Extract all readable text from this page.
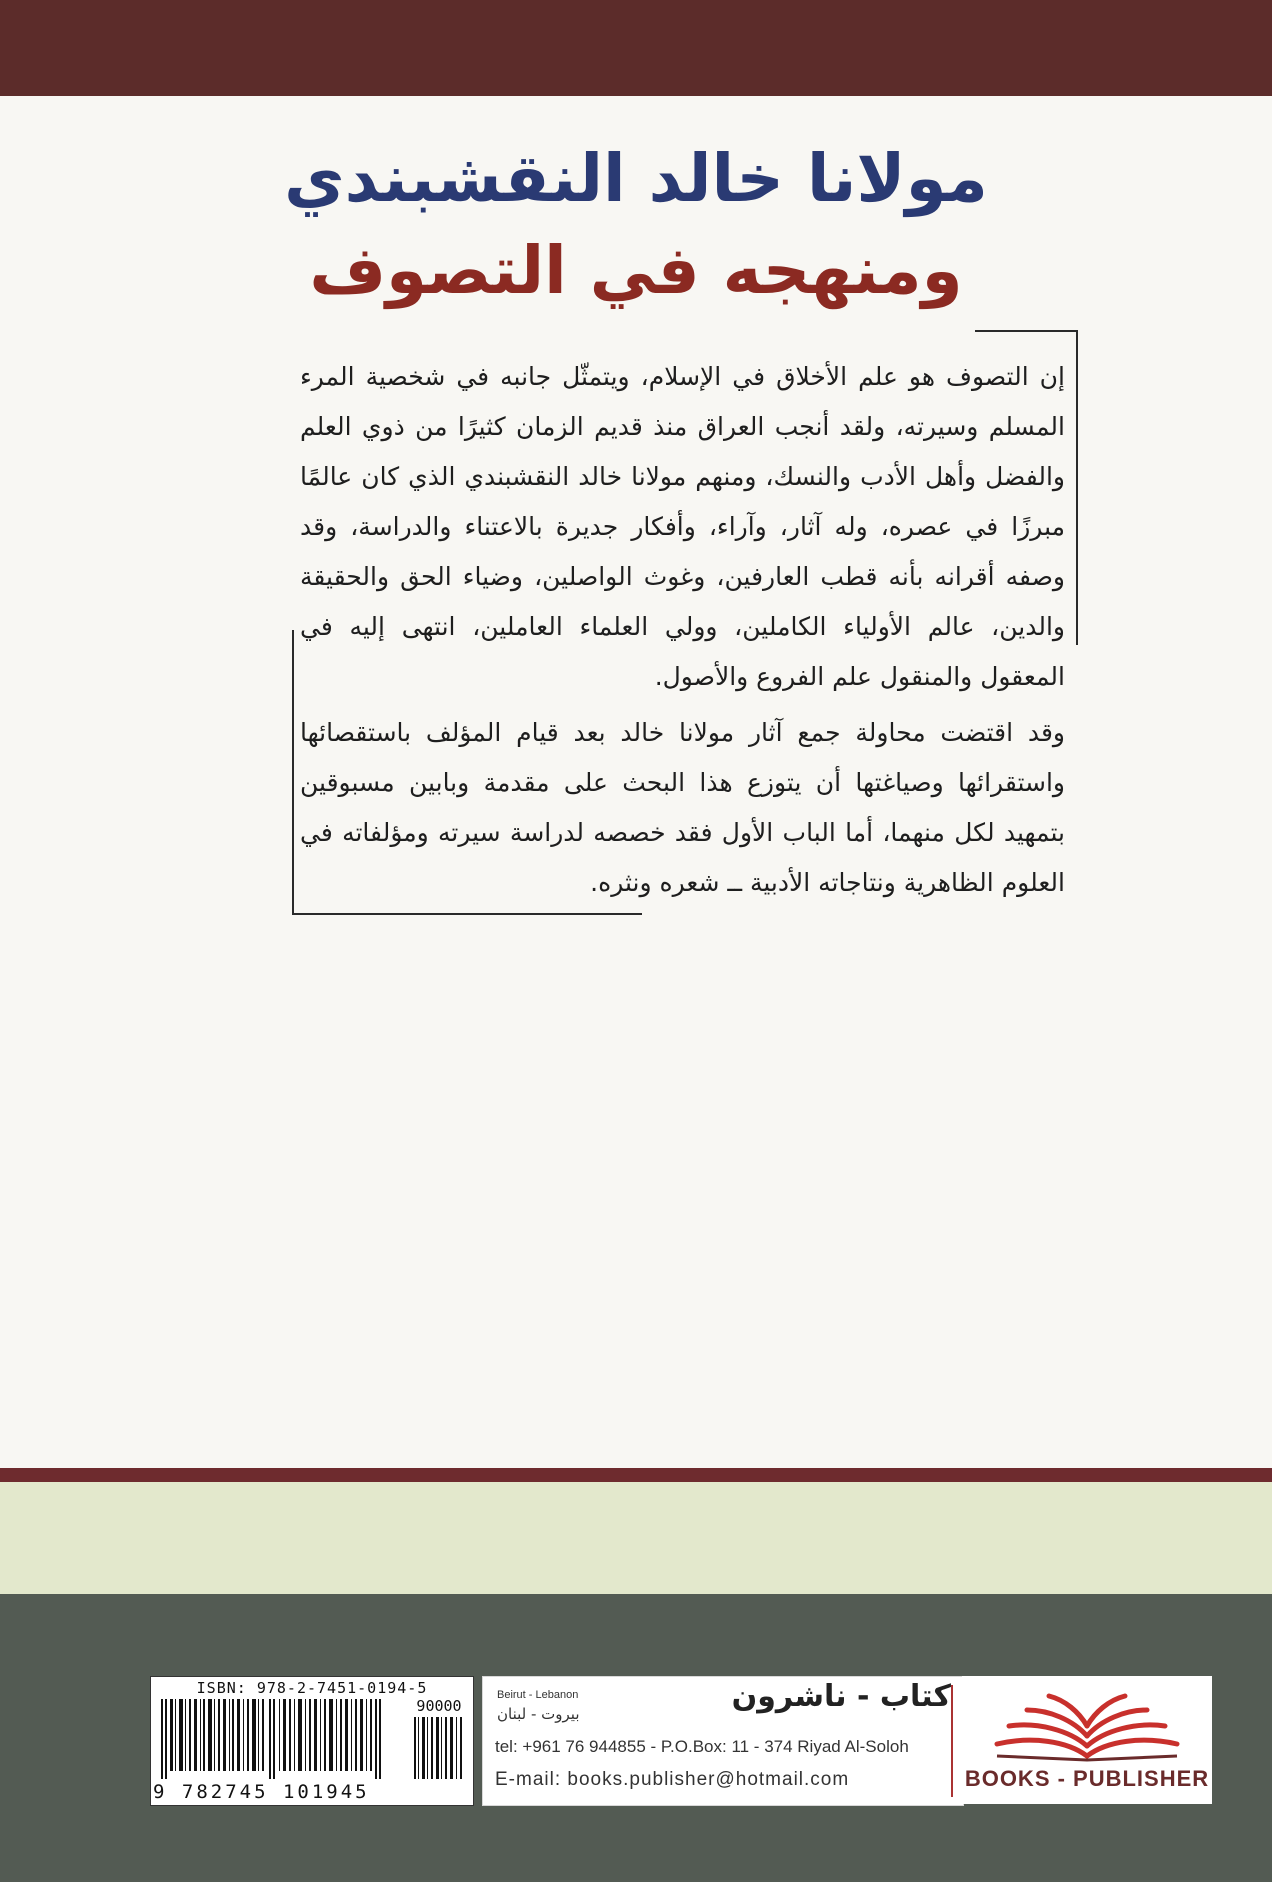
مولانا خالد النقشبندي
ومنهجه في التصوف

إن التصوف هو علم الأخلاق في الإسلام، ويتمثّل جانبه في شخصية المرء المسلم وسيرته، ولقد أنجب العراق منذ قديم الزمان كثيرًا من ذوي العلم والفضل وأهل الأدب والنسك، ومنهم مولانا خالد النقشبندي الذي كان عالمًا مبرزًا في عصره، وله آثار، وآراء، وأفكار جديرة بالاعتناء والدراسة، وقد وصفه أقرانه بأنه قطب العارفين، وغوث الواصلين، وضياء الحق والحقيقة والدين، عالم الأولياء الكاملين، وولي العلماء العاملين، انتهى إليه في المعقول والمنقول علم الفروع والأصول.

وقد اقتضت محاولة جمع آثار مولانا خالد بعد قيام المؤلف باستقصائها واستقرائها وصياغتها أن يتوزع هذا البحث على مقدمة وبابين مسبوقين بتمهيد لكل منهما، أما الباب الأول فقد خصصه لدراسة سيرته ومؤلفاته في العلوم الظاهرية ونتاجاته الأدبية ــ شعره ونثره.

ISBN: 978-2-7451-0194-5
90000
9 782745 101945
Beirut - Lebanon
بيروت - لبنان	كتاب - ناشرون
tel: +961 76 944855 - P.O.Box: 11 - 374 Riyad Al-Soloh
E-mail: books.publisher@hotmail.com	BOOKS - PUBLISHER
